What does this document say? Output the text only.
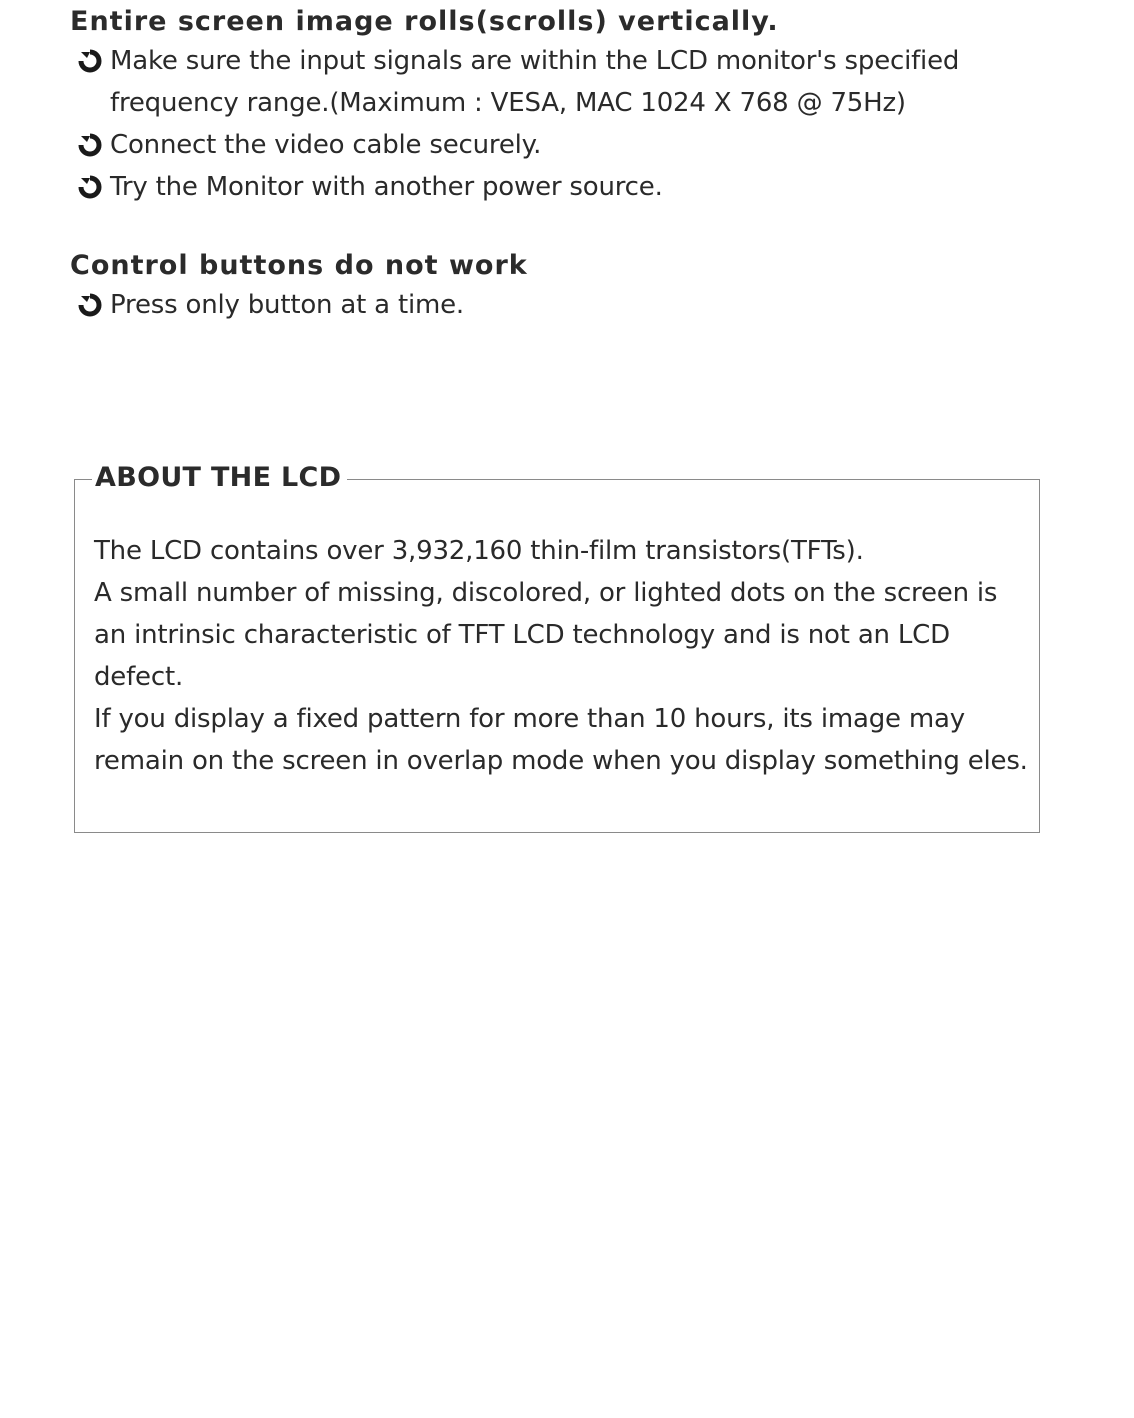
Entire screen image rolls(scrolls) vertically.
Make sure the input signals are within the LCD monitor's specified frequency range.(Maximum : VESA, MAC 1024 X 768 @ 75Hz)
Connect the video cable securely.
Try the Monitor with another power source.
Control buttons do not work
Press only button at a time.
ABOUT THE LCD

The LCD contains over 3,932,160 thin-film transistors(TFTs).
A small number of missing, discolored, or lighted dots on the screen is an intrinsic characteristic of TFT LCD technology and is not an LCD defect.
If you display a fixed pattern for more than 10 hours, its image may remain on the screen in overlap mode when you display something eles.
